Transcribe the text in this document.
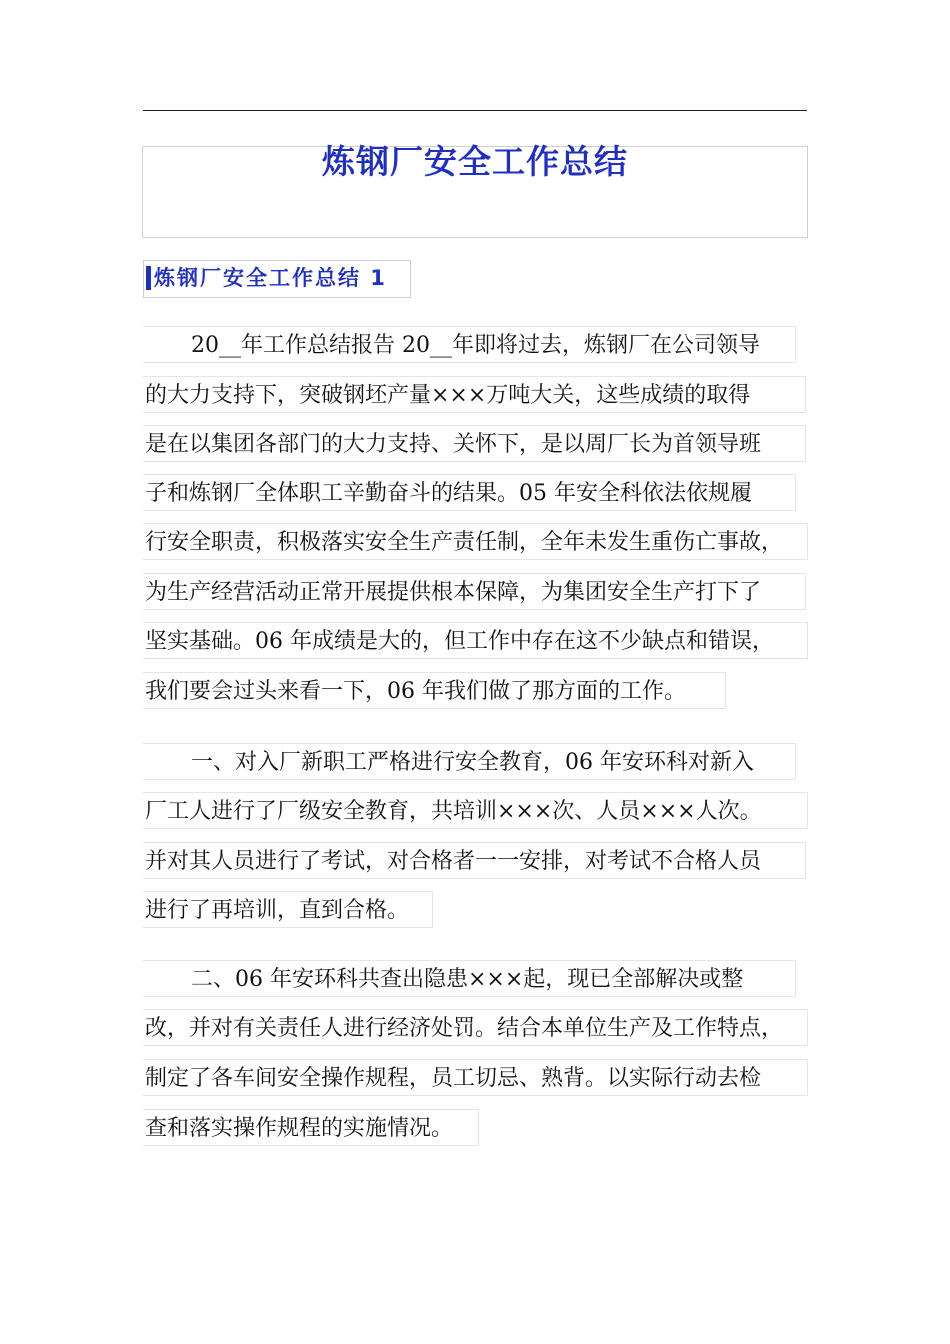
炼钢厂安全工作总结
炼钢厂安全工作总结 1
20__年工作总结报告 20__年即将过去，炼钢厂在公司领导
的大力支持下，突破钢坯产量×××万吨大关，这些成绩的取得
是在以集团各部门的大力支持、关怀下，是以周厂长为首领导班
子和炼钢厂全体职工辛勤奋斗的结果。05 年安全科依法依规履
行安全职责，积极落实安全生产责任制，全年未发生重伤亡事故，
为生产经营活动正常开展提供根本保障，为集团安全生产打下了
坚实基础。06 年成绩是大的，但工作中存在这不少缺点和错误，
我们要会过头来看一下，06 年我们做了那方面的工作。
一、对入厂新职工严格进行安全教育，06 年安环科对新入
厂工人进行了厂级安全教育，共培训×××次、人员×××人次。
并对其人员进行了考试，对合格者一一安排，对考试不合格人员
进行了再培训，直到合格。
二、06 年安环科共查出隐患×××起，现已全部解决或整
改，并对有关责任人进行经济处罚。结合本单位生产及工作特点，
制定了各车间安全操作规程，员工切忌、熟背。以实际行动去检
查和落实操作规程的实施情况。
